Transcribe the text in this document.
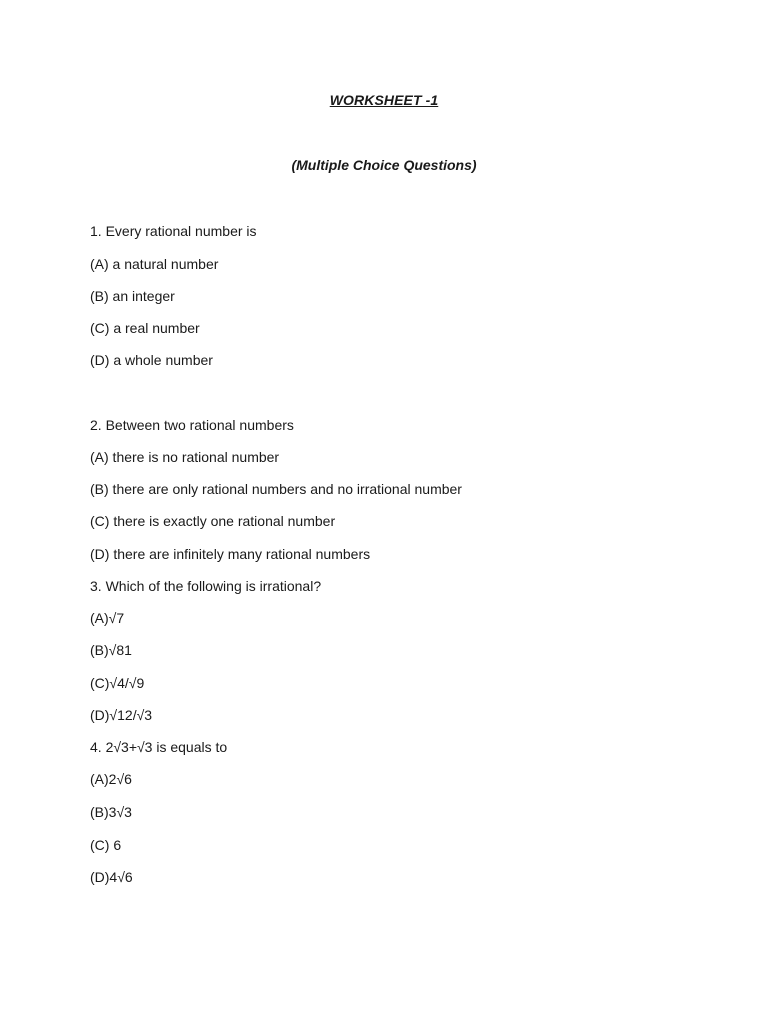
WORKSHEET -1
(Multiple Choice Questions)
1. Every rational number is
(A) a natural number
(B) an integer
(C) a real number
(D) a whole number
2. Between two rational numbers
(A) there is no rational number
(B) there are only rational numbers and no irrational number
(C) there is exactly one rational number
(D) there are infinitely many rational numbers
3. Which of the following is irrational?
(A)√7
(B)√81
(C)√4/√9
(D)√12/√3
4. 2√3+√3 is equals to
(A)2√6
(B)3√3
(C) 6
(D)4√6
